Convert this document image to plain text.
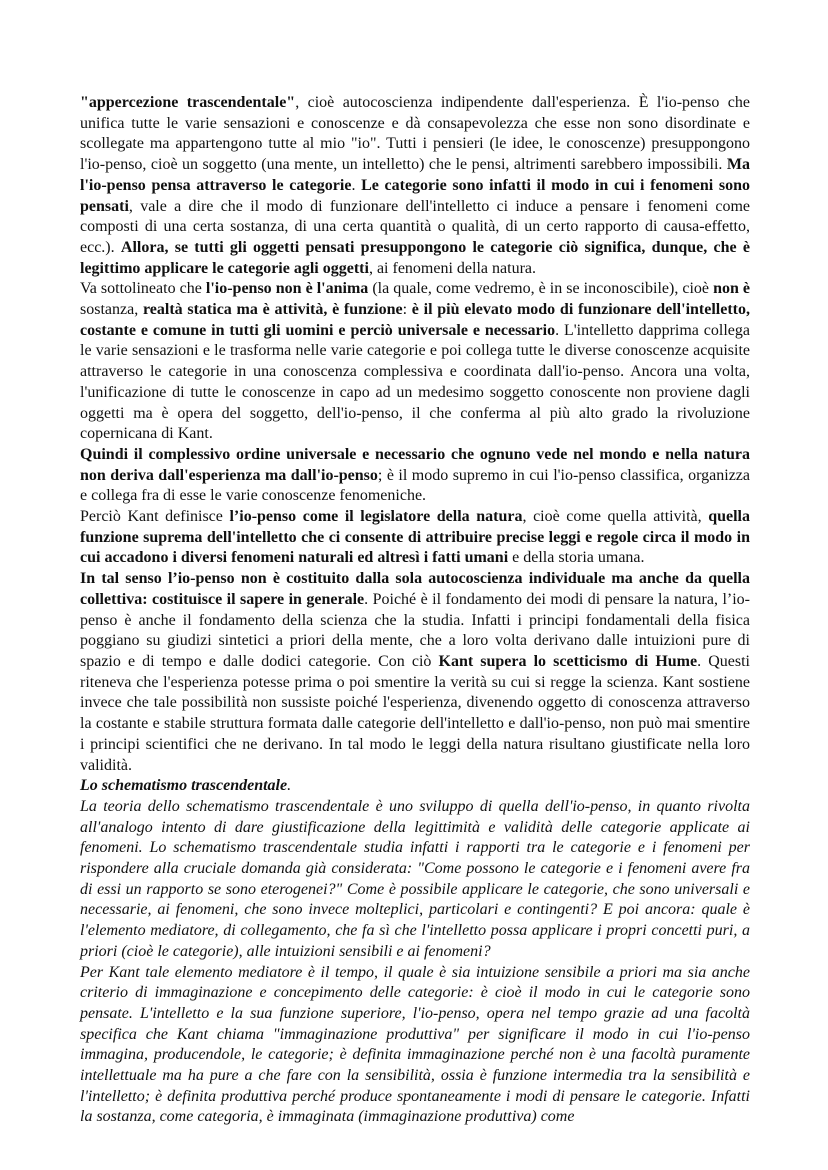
"appercezione trascendentale", cioè autocoscienza indipendente dall'esperienza. È l'io-penso che unifica tutte le varie sensazioni e conoscenze e dà consapevolezza che esse non sono disordinate e scollegate ma appartengono tutte al mio "io". Tutti i pensieri (le idee, le conoscenze) presuppongono l'io-penso, cioè un soggetto (una mente, un intelletto) che le pensi, altrimenti sarebbero impossibili. Ma l'io-penso pensa attraverso le categorie. Le categorie sono infatti il modo in cui i fenomeni sono pensati, vale a dire che il modo di funzionare dell'intelletto ci induce a pensare i fenomeni come composti di una certa sostanza, di una certa quantità o qualità, di un certo rapporto di causa-effetto, ecc.). Allora, se tutti gli oggetti pensati presuppongono le categorie ciò significa, dunque, che è legittimo applicare le categorie agli oggetti, ai fenomeni della natura.

Va sottolineato che l'io-penso non è l'anima (la quale, come vedremo, è in se inconoscibile), cioè non è sostanza, realtà statica ma è attività, è funzione: è il più elevato modo di funzionare dell'intelletto, costante e comune in tutti gli uomini e perciò universale e necessario. L'intelletto dapprima collega le varie sensazioni e le trasforma nelle varie categorie e poi collega tutte le diverse conoscenze acquisite attraverso le categorie in una conoscenza complessiva e coordinata dall'io-penso. Ancora una volta, l'unificazione di tutte le conoscenze in capo ad un medesimo soggetto conoscente non proviene dagli oggetti ma è opera del soggetto, dell'io-penso, il che conferma al più alto grado la rivoluzione copernicana di Kant.

Quindi il complessivo ordine universale e necessario che ognuno vede nel mondo e nella natura non deriva dall'esperienza ma dall'io-penso; è il modo supremo in cui l'io-penso classifica, organizza e collega fra di esse le varie conoscenze fenomeniche.

Perciò Kant definisce l’io-penso come il legislatore della natura, cioè come quella attività, quella funzione suprema dell'intelletto che ci consente di attribuire precise leggi e regole circa il modo in cui accadono i diversi fenomeni naturali ed altresì i fatti umani e della storia umana.

In tal senso l’io-penso non è costituito dalla sola autocoscienza individuale ma anche da quella collettiva: costituisce il sapere in generale. Poiché è il fondamento dei modi di pensare la natura, l’io-penso è anche il fondamento della scienza che la studia. Infatti i principi fondamentali della fisica poggiano su giudizi sintetici a priori della mente, che a loro volta derivano dalle intuizioni pure di spazio e di tempo e dalle dodici categorie. Con ciò Kant supera lo scetticismo di Hume. Questi riteneva che l'esperienza potesse prima o poi smentire la verità su cui si regge la scienza. Kant sostiene invece che tale possibilità non sussiste poiché l'esperienza, divenendo oggetto di conoscenza attraverso la costante e stabile struttura formata dalle categorie dell'intelletto e dall'io-penso, non può mai smentire i principi scientifici che ne derivano. In tal modo le leggi della natura risultano giustificate nella loro validità.

Lo schematismo trascendentale.

La teoria dello schematismo trascendentale è uno sviluppo di quella dell'io-penso, in quanto rivolta all'analogo intento di dare giustificazione della legittimità e validità delle categorie applicate ai fenomeni. Lo schematismo trascendentale studia infatti i rapporti tra le categorie e i fenomeni per rispondere alla cruciale domanda già considerata: "Come possono le categorie e i fenomeni avere fra di essi un rapporto se sono eterogenei?" Come è possibile applicare le categorie, che sono universali e necessarie, ai fenomeni, che sono invece molteplici, particolari e contingenti? E poi ancora: quale è l'elemento mediatore, di collegamento, che fa sì che l'intelletto possa applicare i propri concetti puri, a priori (cioè le categorie), alle intuizioni sensibili e ai fenomeni?

Per Kant tale elemento mediatore è il tempo, il quale è sia intuizione sensibile a priori ma sia anche criterio di immaginazione e concepimento delle categorie: è cioè il modo in cui le categorie sono pensate. L'intelletto e la sua funzione superiore, l'io-penso, opera nel tempo grazie ad una facoltà specifica che Kant chiama "immaginazione produttiva" per significare il modo in cui l'io-penso immagina, producendole, le categorie; è definita immaginazione perché non è una facoltà puramente intellettuale ma ha pure a che fare con la sensibilità, ossia è funzione intermedia tra la sensibilità e l'intelletto; è definita produttiva perché produce spontaneamente i modi di pensare le categorie. Infatti la sostanza, come categoria, è immaginata (immaginazione produttiva) come
